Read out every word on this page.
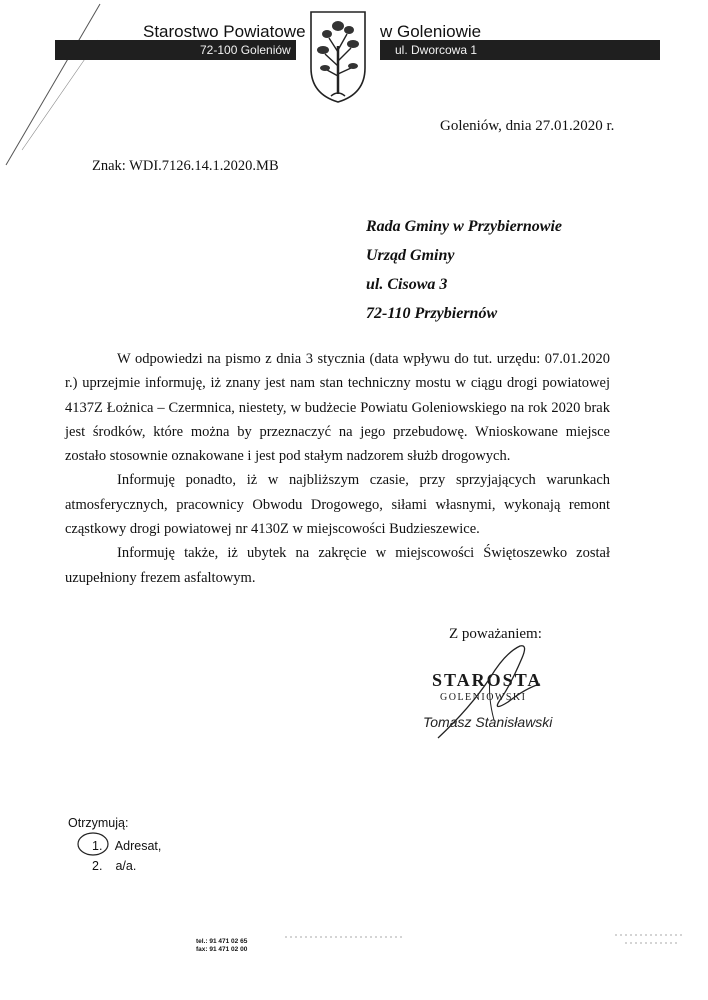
Starostwo Powiatowe	w Goleniowie
72-100 Goleniów	ul. Dworcowa 1
Goleniów, dnia 27.01.2020 r.
Znak: WDI.7126.14.1.2020.MB
Rada Gminy w Przybiernowie
Urząd Gminy
ul. Cisowa 3
72-110 Przybiernów

W odpowiedzi na pismo z dnia 3 stycznia (data wpływu do tut. urzędu: 07.01.2020 r.) uprzejmie informuję, iż znany jest nam stan techniczny mostu w ciągu drogi powiatowej 4137Z Łożnica – Czermnica, niestety, w budżecie Powiatu Goleniowskiego na rok 2020 brak jest środków, które można by przeznaczyć na jego przebudowę. Wnioskowane miejsce zostało stosownie oznakowane i jest pod stałym nadzorem służb drogowych.

Informuję ponadto, iż w najbliższym czasie, przy sprzyjających warunkach atmosferycznych, pracownicy Obwodu Drogowego, siłami własnymi, wykonają remont cząstkowy drogi powiatowej nr 4130Z w miejscowości Budzieszewice.

Informuję także, iż ubytek na zakręcie w miejscowości Świętoszewko został uzupełniony frezem asfaltowym.

Z poważaniem:
STAROSTA
GOLENIOWSKI
Tomasz Stanisławski
Otrzymują:
1. Adresat,
2. a/a.
tel.: 91 471 02 65
fax: 91 471 02 00
